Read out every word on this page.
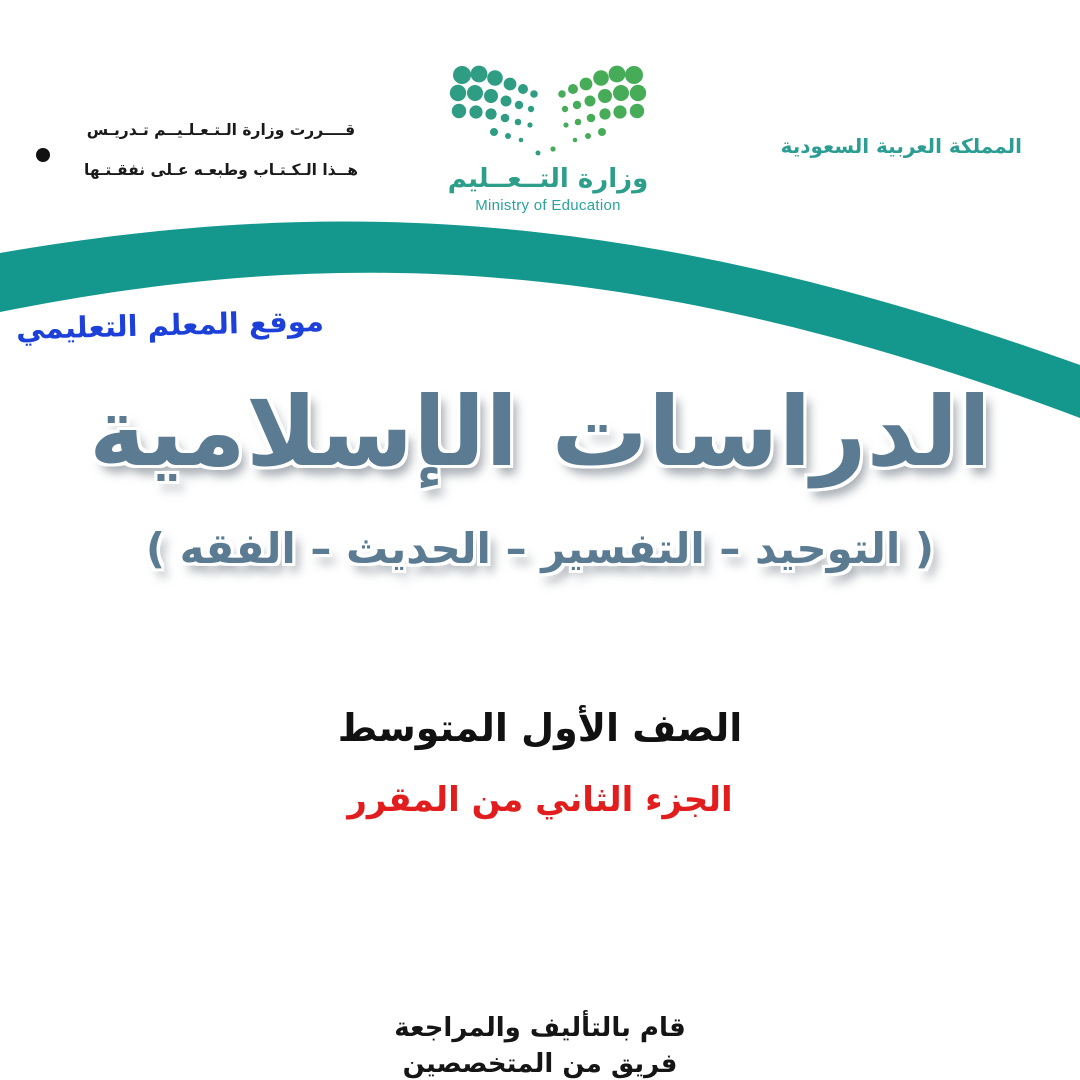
قــــررت وزارة الـتـعـلـيــم تـدريـس
هــذا الـكـتـاب وطبعـه عـلى نفقـتـها	وزارة التــعــليم
Ministry of Education
المملكة العربية السعودية
موقع المعلم التعليمي
الدراسات الإسلامية
( التوحيد – التفسير – الحديث – الفقه )
الصف الأول المتوسط
الجزء الثاني من المقرر
قام بالتأليف والمراجعة
فريق من المتخصصين
